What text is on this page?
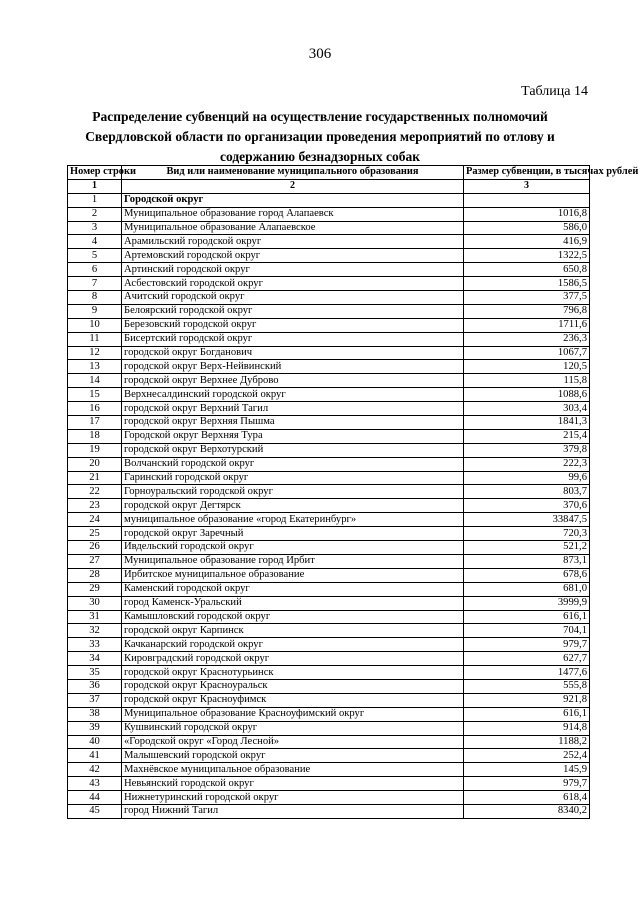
306
Таблица 14
Распределение субвенций на осуществление государственных полномочий Свердловской области по организации проведения мероприятий по отлову и содержанию безнадзорных собак
Номер строки	Вид или наименование муниципального образования	Размер субвенции, в тысячах рублей
1	2	3
1	Городской округ	
2	Муниципальное образование город Алапаевск	1016,8
3	Муниципальное образование Алапаевское	586,0
4	Арамильский городской округ	416,9
5	Артемовский городской округ	1322,5
6	Артинский городской округ	650,8
7	Асбестовский городской округ	1586,5
8	Ачитский городской округ	377,5
9	Белоярский городской округ	796,8
10	Березовский городской округ	1711,6
11	Бисертский городской округ	236,3
12	городской округ Богданович	1067,7
13	городской округ Верх-Нейвинский	120,5
14	городской округ Верхнее Дуброво	115,8
15	Верхнесалдинский городской округ	1088,6
16	городской округ Верхний Тагил	303,4
17	городской округ Верхняя Пышма	1841,3
18	Городской округ Верхняя Тура	215,4
19	городской округ Верхотурский	379,8
20	Волчанский городской округ	222,3
21	Гаринский городской округ	99,6
22	Горноуральский городской округ	803,7
23	городской округ Дегтярск	370,6
24	муниципальное образование «город Екатеринбург»	33847,5
25	городской округ Заречный	720,3
26	Ивдельский городской округ	521,2
27	Муниципальное образование город Ирбит	873,1
28	Ирбитское муниципальное образование	678,6
29	Каменский городской округ	681,0
30	город Каменск-Уральский	3999,9
31	Камышловский городской округ	616,1
32	городской округ Карпинск	704,1
33	Качканарский городской округ	979,7
34	Кировградский городской округ	627,7
35	городской округ Краснотурьинск	1477,6
36	городской округ Красноуральск	555,8
37	городской округ Красноуфимск	921,8
38	Муниципальное образование Красноуфимский округ	616,1
39	Кушвинский городской округ	914,8
40	«Городской округ «Город Лесной»	1188,2
41	Малышевский городской округ	252,4
42	Махнёвское муниципальное образование	145,9
43	Невьянский городской округ	979,7
44	Нижнетуринский городской округ	618,4
45	город Нижний Тагил	8340,2
